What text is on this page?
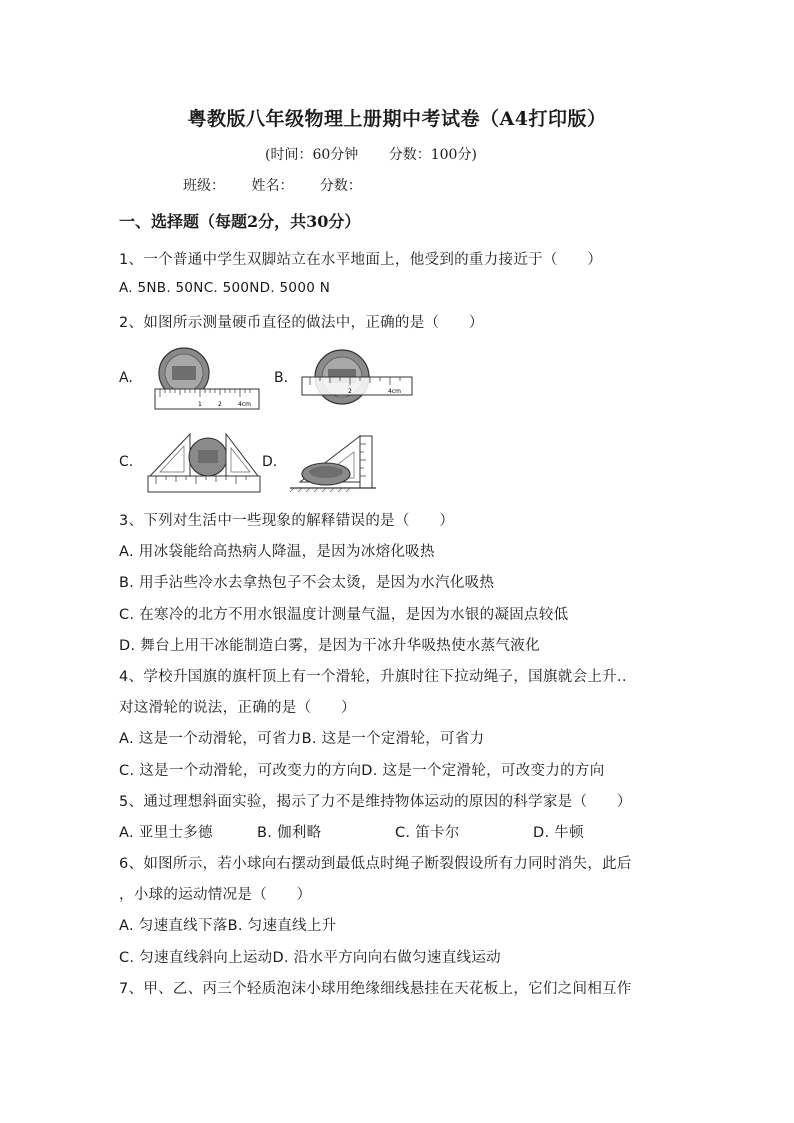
粤教版八年级物理上册期中考试卷（A4打印版）
(时间：60分钟 分数：100分)
班级： 姓名： 分数：
一、选择题（每题2分，共30分）
1、一个普通中学生双脚站立在水平地面上，他受到的重力接近于（　　）
A. 5NB. 50NC. 500ND. 5000 N
2、如图所示测量硬币直径的做法中，正确的是（　　）
A.	B.
C.	D.
1	2	4cm
2	4cm
3、下列对生活中一些现象的解释错误的是（　　）
A. 用冰袋能给高热病人降温，是因为冰熔化吸热
B. 用手沾些冷水去拿热包子不会太烫，是因为水汽化吸热
C. 在寒冷的北方不用水银温度计测量气温，是因为水银的凝固点较低
D. 舞台上用干冰能制造白雾，是因为干冰升华吸热使水蒸气液化
4、学校升国旗的旗杆顶上有一个滑轮，升旗时往下拉动绳子，国旗就会上升..
对这滑轮的说法，正确的是（　　）
A. 这是一个动滑轮，可省力B. 这是一个定滑轮，可省力
C. 这是一个动滑轮，可改变力的方向D. 这是一个定滑轮，可改变力的方向
5、通过理想斜面实验，揭示了力不是维持物体运动的原因的科学家是（　　）
A. 亚里士多德	B. 伽利略	C. 笛卡尔	D. 牛顿
6、如图所示，若小球向右摆动到最低点时绳子断裂假设所有力同时消失，此后
，小球的运动情况是（　　）
A. 匀速直线下落B. 匀速直线上升
C. 匀速直线斜向上运动D. 沿水平方向向右做匀速直线运动
7、甲、乙、丙三个轻质泡沫小球用绝缘细线悬挂在天花板上，它们之间相互作
